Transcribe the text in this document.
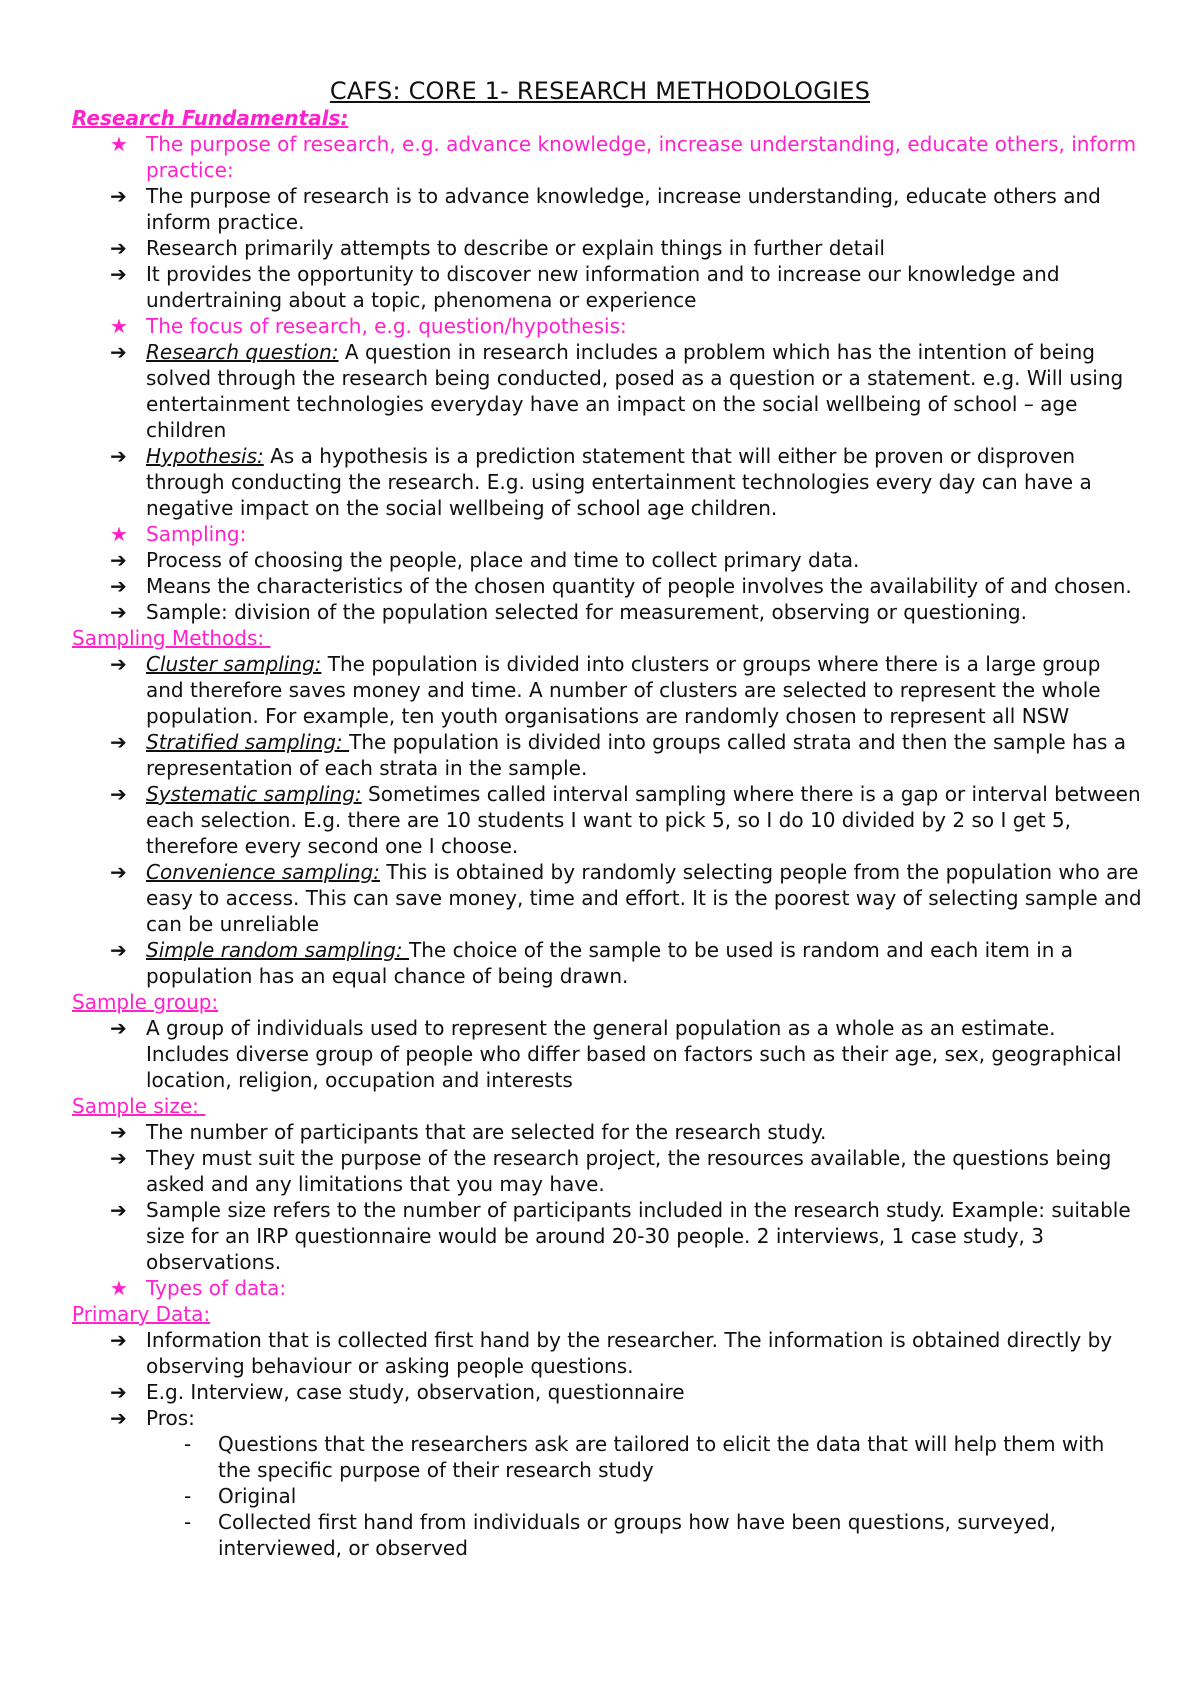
CAFS: CORE 1- RESEARCH METHODOLOGIES
Research Fundamentals:
★ The purpose of research, e.g. advance knowledge, increase understanding, educate others, inform practice:
➔ The purpose of research is to advance knowledge, increase understanding, educate others and inform practice.
➔ Research primarily attempts to describe or explain things in further detail
➔ It provides the opportunity to discover new information and to increase our knowledge and undertraining about a topic, phenomena or experience
★ The focus of research, e.g. question/hypothesis:
➔ Research question: A question in research includes a problem which has the intention of being solved through the research being conducted, posed as a question or a statement. e.g. Will using entertainment technologies everyday have an impact on the social wellbeing of school – age children
➔ Hypothesis: As a hypothesis is a prediction statement that will either be proven or disproven through conducting the research. E.g. using entertainment technologies every day can have a negative impact on the social wellbeing of school age children.
★ Sampling:
➔ Process of choosing the people, place and time to collect primary data.
➔ Means the characteristics of the chosen quantity of people involves the availability of and chosen.
➔ Sample: division of the population selected for measurement, observing or questioning.
Sampling Methods:
➔ Cluster sampling: The population is divided into clusters or groups where there is a large group and therefore saves money and time. A number of clusters are selected to represent the whole population. For example, ten youth organisations are randomly chosen to represent all NSW
➔ Stratified sampling: The population is divided into groups called strata and then the sample has a representation of each strata in the sample.
➔ Systematic sampling: Sometimes called interval sampling where there is a gap or interval between each selection. E.g. there are 10 students I want to pick 5, so I do 10 divided by 2 so I get 5, therefore every second one I choose.
➔ Convenience sampling: This is obtained by randomly selecting people from the population who are easy to access. This can save money, time and effort. It is the poorest way of selecting sample and can be unreliable
➔ Simple random sampling: The choice of the sample to be used is random and each item in a population has an equal chance of being drawn.
Sample group:
➔ A group of individuals used to represent the general population as a whole as an estimate. Includes diverse group of people who differ based on factors such as their age, sex, geographical location, religion, occupation and interests
Sample size:
➔ The number of participants that are selected for the research study.
➔ They must suit the purpose of the research project, the resources available, the questions being asked and any limitations that you may have.
➔ Sample size refers to the number of participants included in the research study. Example: suitable size for an IRP questionnaire would be around 20-30 people. 2 interviews, 1 case study, 3 observations.
★ Types of data:
Primary Data:
➔ Information that is collected first hand by the researcher. The information is obtained directly by observing behaviour or asking people questions.
➔ E.g. Interview, case study, observation, questionnaire
➔ Pros:
-	Questions that the researchers ask are tailored to elicit the data that will help them with the specific purpose of their research study
-	Original
-	Collected first hand from individuals or groups how have been questions, surveyed, interviewed, or observed
